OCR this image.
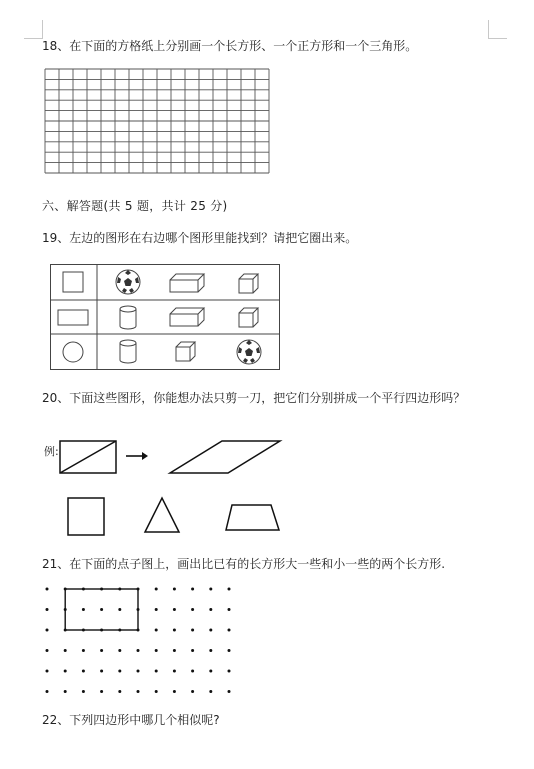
18、在下面的方格纸上分别画一个长方形、一个正方形和一个三角形。
六、解答题(共 5 题，共计 25 分)
19、左边的图形在右边哪个图形里能找到？请把它圈出来。
20、下面这些图形，你能想办法只剪一刀，把它们分别拼成一个平行四边形吗？
例:
21、在下面的点子图上，画出比已有的长方形大一些和小一些的两个长方形.
22、下列四边形中哪几个相似呢?
